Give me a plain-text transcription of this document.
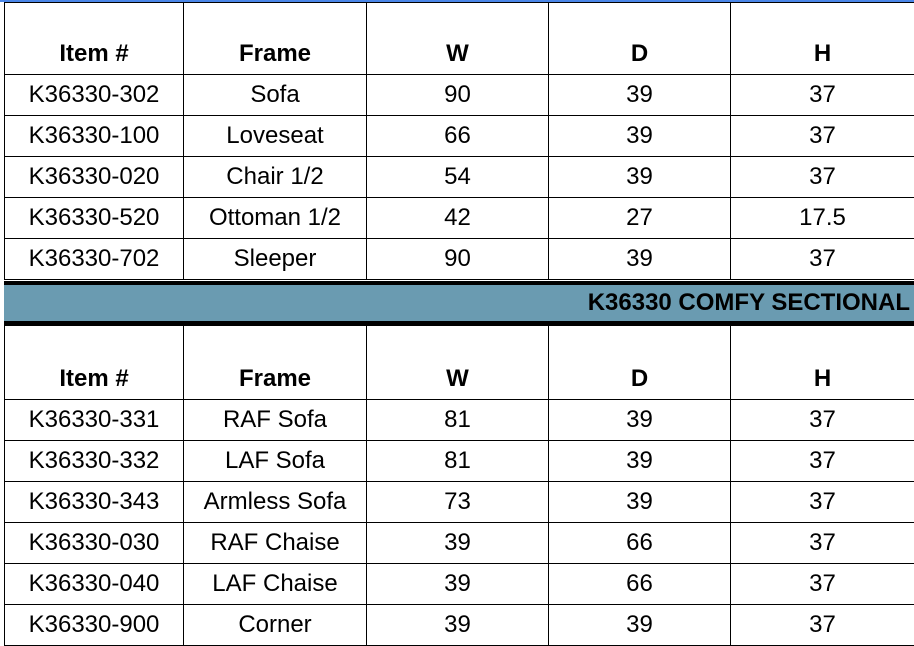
Item #	Frame	W	D	H
K36330-302	Sofa	90	39	37
K36330-100	Loveseat	66	39	37
K36330-020	Chair 1/2	54	39	37
K36330-520	Ottoman 1/2	42	27	17.5
K36330-702	Sleeper	90	39	37
K36330 COMFY SECTIONAL
Item #	Frame	W	D	H
K36330-331	RAF Sofa	81	39	37
K36330-332	LAF Sofa	81	39	37
K36330-343	Armless Sofa	73	39	37
K36330-030	RAF Chaise	39	66	37
K36330-040	LAF Chaise	39	66	37
K36330-900	Corner	39	39	37
